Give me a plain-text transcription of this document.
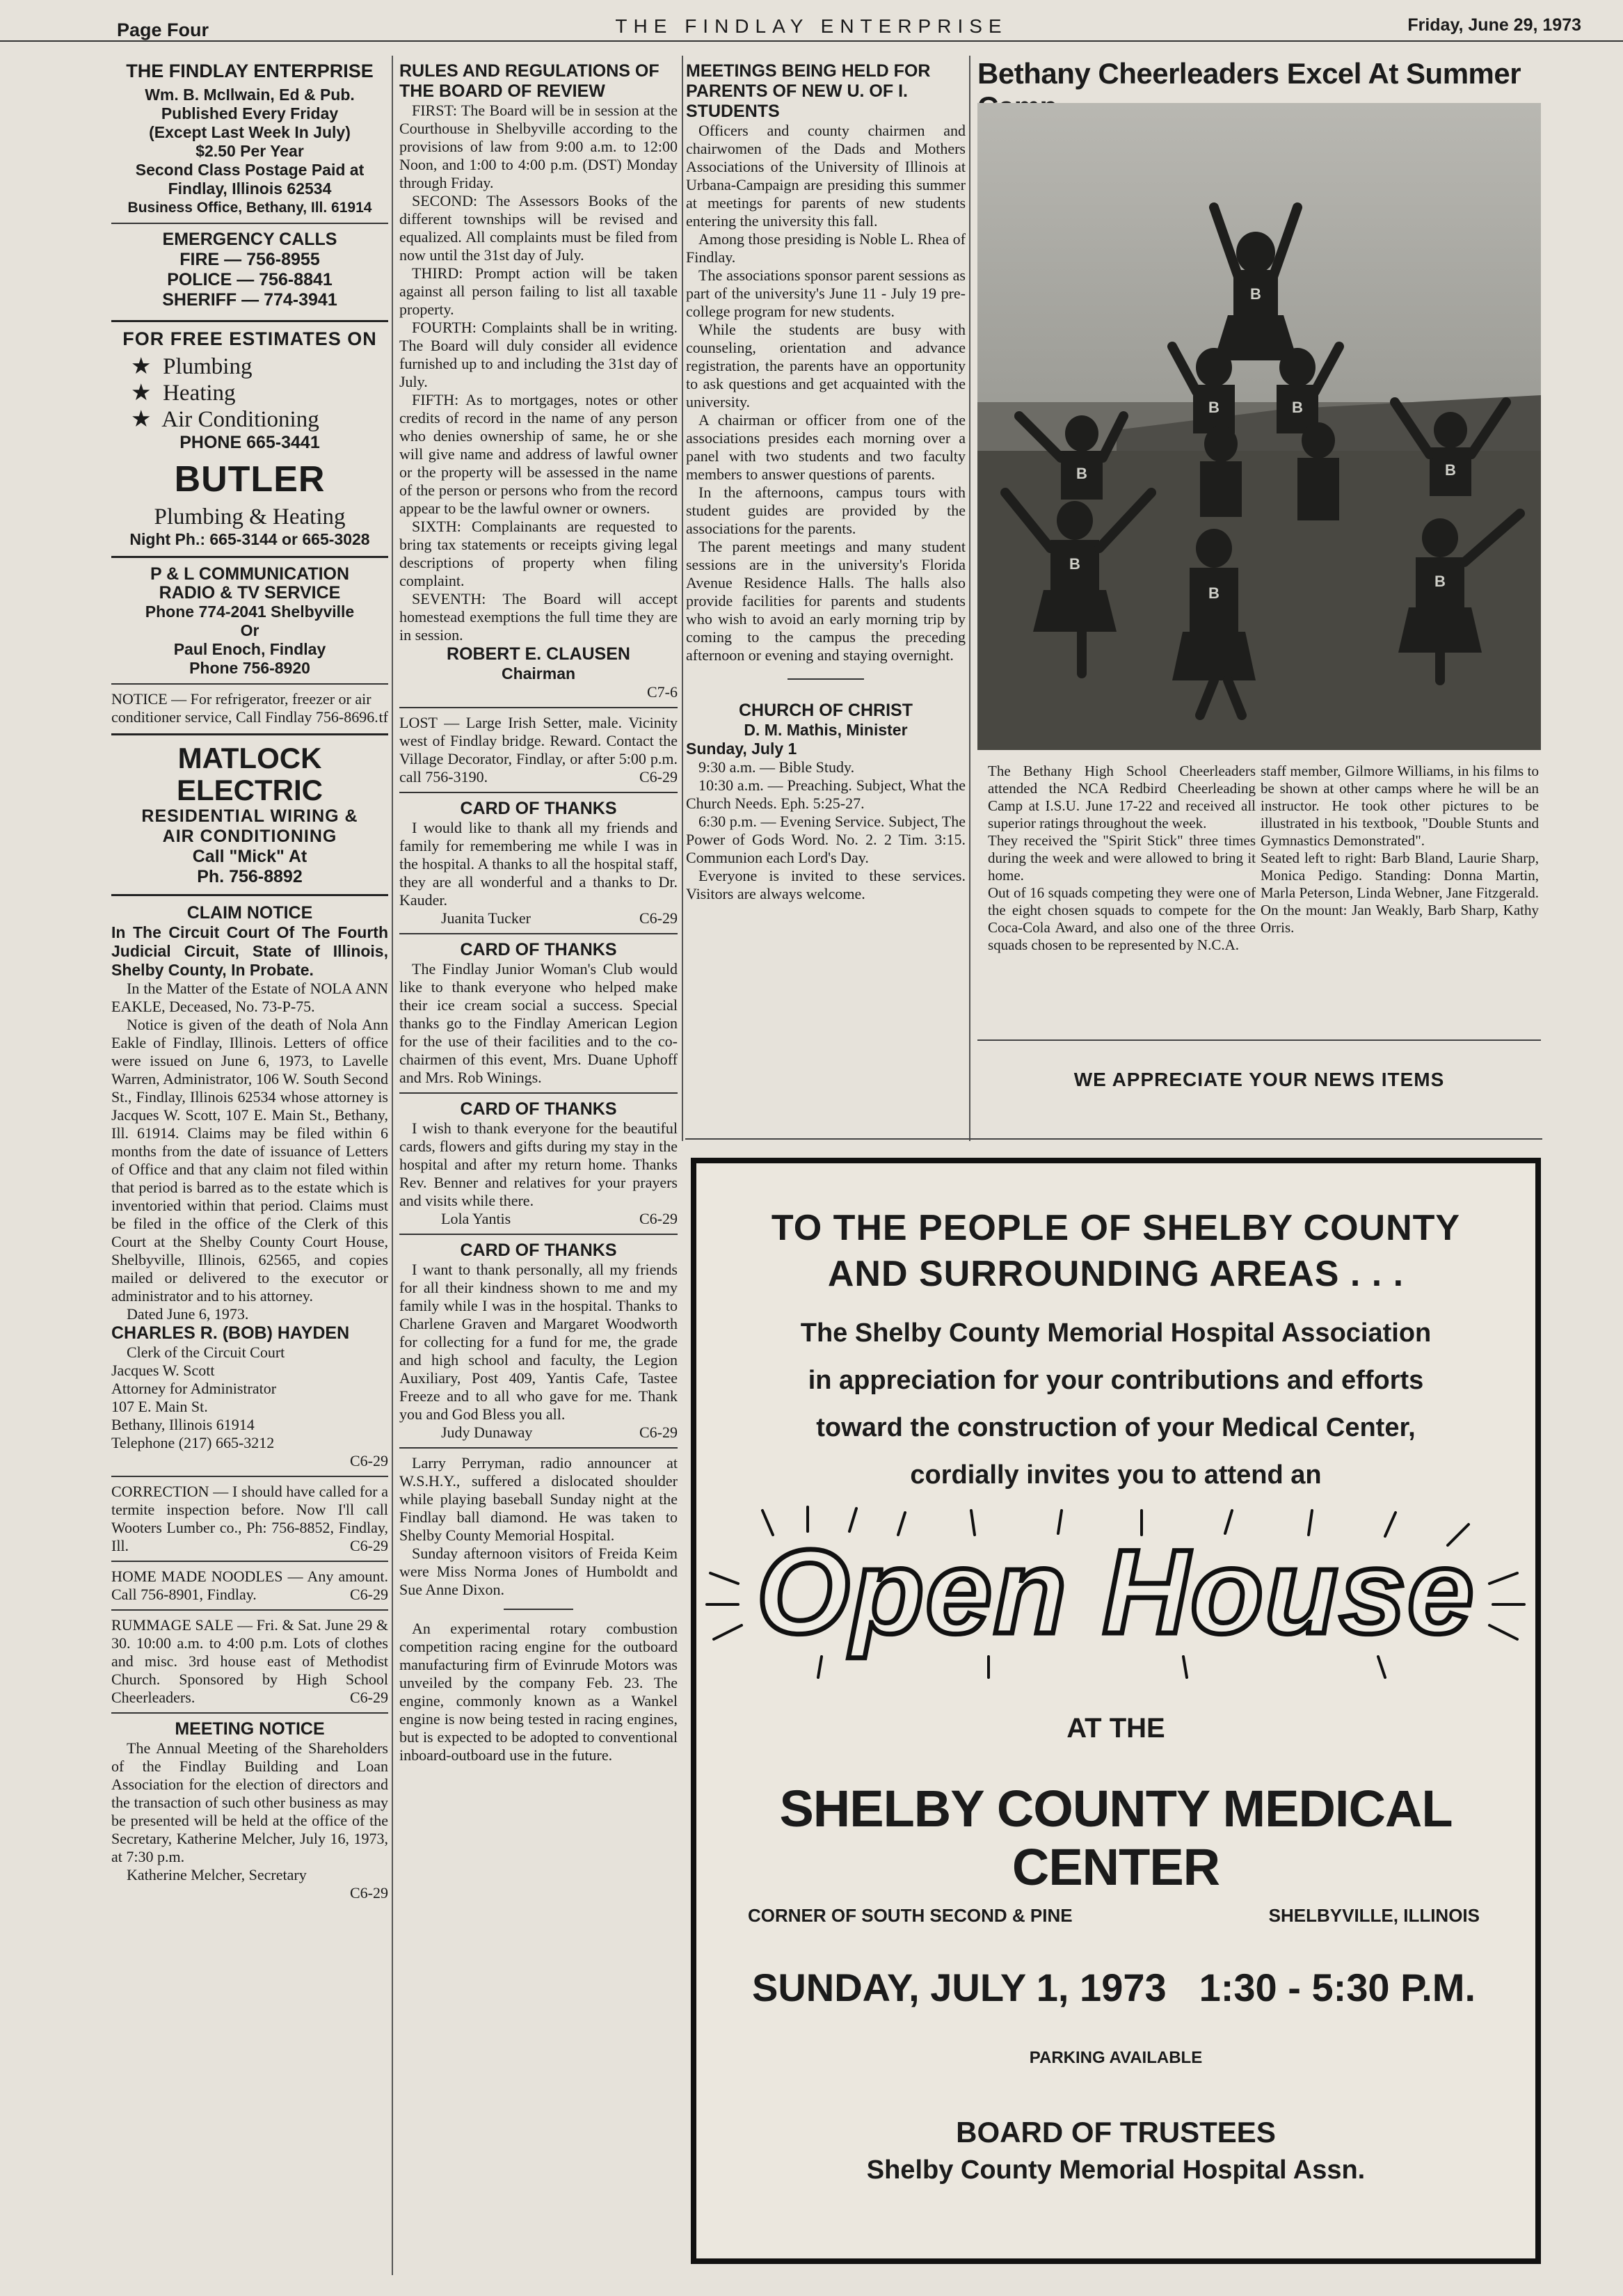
Page Four	THE FINDLAY ENTERPRISE	Friday, June 29, 1973
THE FINDLAY ENTERPRISE
Wm. B. McIlwain, Ed & Pub.
Published Every Friday
(Except Last Week In July)
$2.50 Per Year
Second Class Postage Paid at
Findlay, Illinois 62534
Business Office, Bethany, Ill. 61914
EMERGENCY CALLS
FIRE — 756-8955
POLICE — 756-8841
SHERIFF — 774-3941
FOR FREE ESTIMATES ON
★ Plumbing
★ Heating
★ Air Conditioning
PHONE 665-3441
BUTLER
Plumbing & Heating
Night Ph.: 665-3144 or 665-3028
P & L COMMUNICATION
RADIO & TV SERVICE
Phone 774-2041 Shelbyville
Or
Paul Enoch, Findlay
Phone 756-8920
NOTICE — For refrigerator, freezer or air conditioner service, Call Findlay 756-8696. tf
MATLOCK ELECTRIC
RESIDENTIAL WIRING &
AIR CONDITIONING
Call "Mick" At
Ph. 756-8892
CLAIM NOTICE
In The Circuit Court Of The Fourth Judicial Circuit, State of Illinois, Shelby County, In Probate.
In the Matter of the Estate of NOLA ANN EAKLE, Deceased, No. 73-P-75.
Notice is given of the death of Nola Ann Eakle of Findlay, Illinois. Letters of office were issued on June 6, 1973, to Lavelle Warren, Administrator, 106 W. South Second St., Findlay, Illinois 62534 whose attorney is Jacques W. Scott, 107 E. Main St., Bethany, Ill. 61914. Claims may be filed within 6 months from the date of issuance of Letters of Office and that any claim not filed within that period is barred as to the estate which is inventoried within that period. Claims must be filed in the office of the Clerk of this Court at the Shelby County Court House, Shelbyville, Illinois, 62565, and copies mailed or delivered to the executor or administrator and to his attorney.
Dated June 6, 1973.
CHARLES R. (BOB) HAYDEN
Clerk of the Circuit Court
Jacques W. Scott
Attorney for Administrator
107 E. Main St.
Bethany, Illinois 61914
Telephone (217) 665-3212
C6-29
CORRECTION — I should have called for a termite inspection before. Now I'll call Wooters Lumber co., Ph: 756-8852, Findlay, Ill.	C6-29
HOME MADE NOODLES — Any amount. Call 756-8901, Findlay.	C6-29
RUMMAGE SALE — Fri. & Sat. June 29 & 30. 10:00 a.m. to 4:00 p.m. Lots of clothes and misc. 3rd house east of Methodist Church. Sponsored by High School Cheerleaders.	C6-29
MEETING NOTICE
The Annual Meeting of the Shareholders of the Findlay Building and Loan Association for the election of directors and the transaction of such other business as may be presented will be held at the office of the Secretary, Katherine Melcher, July 16, 1973, at 7:30 p.m.
Katherine Melcher, Secretary
C6-29
RULES AND REGULATIONS OF THE BOARD OF REVIEW
FIRST: The Board will be in session at the Courthouse in Shelbyville according to the provisions of law from 9:00 a.m. to 12:00 Noon, and 1:00 to 4:00 p.m. (DST) Monday through Friday.
SECOND: The Assessors Books of the different townships will be revised and equalized. All complaints must be filed from now until the 31st day of July.
THIRD: Prompt action will be taken against all person failing to list all taxable property.
FOURTH: Complaints shall be in writing. The Board will duly consider all evidence furnished up to and including the 31st day of July.
FIFTH: As to mortgages, notes or other credits of record in the name of any person who denies ownership of same, he or she will give name and address of lawful owner or the property will be assessed in the name of the person or persons who from the record appear to be the lawful owner or owners.
SIXTH: Complainants are requested to bring tax statements or receipts giving legal descriptions of property when filing complaint.
SEVENTH: The Board will accept homestead exemptions the full time they are in session.
ROBERT E. CLAUSEN
Chairman
C7-6
LOST — Large Irish Setter, male. Vicinity west of Findlay bridge. Reward. Contact the Village Decorator, Findlay, or after 5:00 p.m. call 756-3190.	C6-29
CARD OF THANKS
I would like to thank all my friends and family for remembering me while I was in the hospital. A thanks to all the hospital staff, they are all wonderful and a thanks to Dr. Kauder.
Juanita Tucker	C6-29
CARD OF THANKS
The Findlay Junior Woman's Club would like to thank everyone who helped make their ice cream social a success. Special thanks go to the Findlay American Legion for the use of their facilities and to the co-chairmen of this event, Mrs. Duane Uphoff and Mrs. Rob Winings.
CARD OF THANKS
I wish to thank everyone for the beautiful cards, flowers and gifts during my stay in the hospital and after my return home. Thanks Rev. Benner and relatives for your prayers and visits while there.
Lola Yantis	C6-29
CARD OF THANKS
I want to thank personally, all my friends for all their kindness shown to me and my family while I was in the hospital. Thanks to Charlene Graven and Margaret Woodworth for collecting for a fund for me, the grade and high school and faculty, the Legion Auxiliary, Post 409, Yantis Cafe, Tastee Freeze and to all who gave for me. Thank you and God Bless you all.
Judy Dunaway	C6-29
Larry Perryman, radio announcer at W.S.H.Y., suffered a dislocated shoulder while playing baseball Sunday night at the Findlay ball diamond. He was taken to Shelby County Memorial Hospital.
Sunday afternoon visitors of Freida Keim were Miss Norma Jones of Humboldt and Sue Anne Dixon.
An experimental rotary combustion competition racing engine for the outboard manufacturing firm of Evinrude Motors was unveiled by the company Feb. 23. The engine, commonly known as a Wankel engine is now being tested in racing engines, but is expected to be adopted to conventional inboard-outboard use in the future.
MEETINGS BEING HELD FOR PARENTS OF NEW U. OF I. STUDENTS
Officers and county chairmen and chairwomen of the Dads and Mothers Associations of the University of Illinois at Urbana-Campaign are presiding this summer at meetings for parents of new students entering the university this fall.
Among those presiding is Noble L. Rhea of Findlay.
The associations sponsor parent sessions as part of the university's June 11 - July 19 pre-college program for new students.
While the students are busy with counseling, orientation and advance registration, the parents have an opportunity to ask questions and get acquainted with the university.
A chairman or officer from one of the associations presides each morning over a panel with two students and two faculty members to answer questions of parents.
In the afternoons, campus tours with student guides are provided by the associations for the parents.
The parent meetings and many student sessions are in the university's Florida Avenue Residence Halls. The halls also provide facilities for parents and students who wish to avoid an early morning trip by coming to the campus the preceding afternoon or evening and staying overnight.
CHURCH OF CHRIST
D. M. Mathis, Minister
Sunday, July 1
9:30 a.m. — Bible Study.
10:30 a.m. — Preaching. Subject, What the Church Needs. Eph. 5:25-27.
6:30 p.m. — Evening Service. Subject, The Power of Gods Word. No. 2. 2 Tim. 3:15. Communion each Lord's Day.
Everyone is invited to these services. Visitors are always welcome.
Bethany Cheerleaders Excel At Summer
B
B	B
B	B
B
B
B
The Bethany High School Cheerleaders attended the NCA Redbird Cheerleading Camp at I.S.U. June 17-22 and received all superior ratings throughout the week.
They received the "Spirit Stick" three times during the week and were allowed to bring it home.
Out of 16 squads competing they were one of the eight chosen squads to compete for the Coca-Cola Award, and also one of the three squads chosen to be represented by N.C.A.
staff member, Gilmore Williams, in his films to be shown at other camps where he will be an instructor. He took other pictures to be illustrated in his textbook, "Double Stunts and Gymnastics Demonstrated".
Seated left to right: Barb Bland, Laurie Sharp, Monica Pedigo. Standing: Donna Martin, Marla Peterson, Linda Webner, Jane Fitzgerald. On the mount: Jan Weakly, Barb Sharp, Kathy Orris.
WE APPRECIATE YOUR NEWS ITEMS
TO THE PEOPLE OF SHELBY COUNTY
AND SURROUNDING AREAS . . .
The Shelby County Memorial Hospital Association
in appreciation for your contributions and efforts
toward the construction of your Medical Center,
cordially invites you to attend an
Open House
AT THE
SHELBY COUNTY MEDICAL CENTER
CORNER OF SOUTH SECOND & PINE	SHELBYVILLE, ILLINOIS
SUNDAY, JULY 1, 1973 1:30 - 5:30 P.M.
PARKING AVAILABLE
BOARD OF TRUSTEES
Shelby County Memorial Hospital Assn.
